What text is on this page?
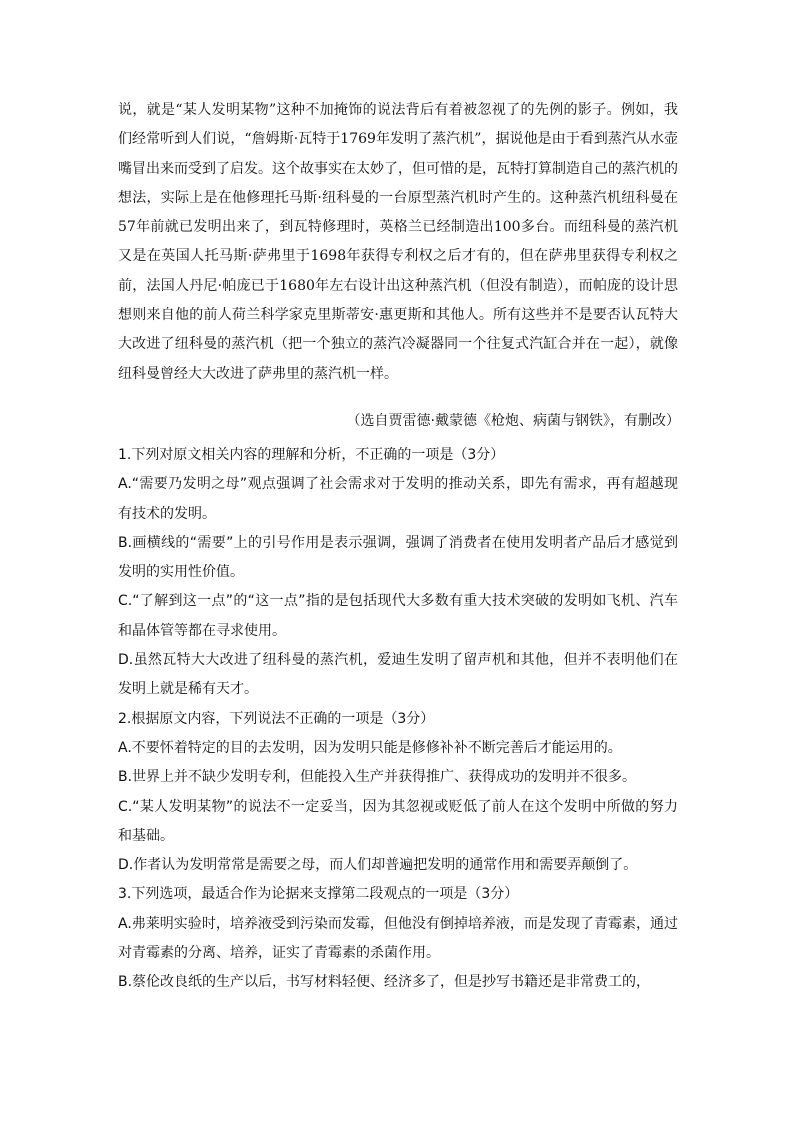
说，就是“某人发明某物”这种不加掩饰的说法背后有着被忽视了的先例的影子。例如，我们经常听到人们说，“詹姆斯·瓦特于1769年发明了蒸汽机”，据说他是由于看到蒸汽从水壶嘴冒出来而受到了启发。这个故事实在太妙了，但可惜的是，瓦特打算制造自己的蒸汽机的想法，实际上是在他修理托马斯·纽科曼的一台原型蒸汽机时产生的。这种蒸汽机纽科曼在57年前就已发明出来了，到瓦特修理时，英格兰已经制造出100多台。而纽科曼的蒸汽机又是在英国人托马斯·萨弗里于1698年获得专利权之后才有的，但在萨弗里获得专利权之前，法国人丹尼·帕庞已于1680年左右设计出这种蒸汽机（但没有制造），而帕庞的设计思想则来自他的前人荷兰科学家克里斯蒂安·惠更斯和其他人。所有这些并不是要否认瓦特大大改进了纽科曼的蒸汽机（把一个独立的蒸汽冷凝器同一个往复式汽缸合并在一起），就像纽科曼曾经大大改进了萨弗里的蒸汽机一样。

（选自贾雷德·戴蒙德《枪炮、病菌与钢铁》，有删改）

1.下列对原文相关内容的理解和分析，不正确的一项是（3分）

A.“需要乃发明之母”观点强调了社会需求对于发明的推动关系，即先有需求，再有超越现有技术的发明。

B.画横线的“需要”上的引号作用是表示强调，强调了消费者在使用发明者产品后才感觉到发明的实用性价值。

C.“了解到这一点”的“这一点”指的是包括现代大多数有重大技术突破的发明如飞机、汽车和晶体管等都在寻求使用。

D.虽然瓦特大大改进了纽科曼的蒸汽机，爱迪生发明了留声机和其他，但并不表明他们在发明上就是稀有天才。

2.根据原文内容，下列说法不正确的一项是（3分）

A.不要怀着特定的目的去发明，因为发明只能是修修补补不断完善后才能运用的。

B.世界上并不缺少发明专利，但能投入生产并获得推广、获得成功的发明并不很多。

C.“某人发明某物”的说法不一定妥当，因为其忽视或贬低了前人在这个发明中所做的努力和基础。

D.作者认为发明常常是需要之母，而人们却普遍把发明的通常作用和需要弄颠倒了。

3.下列选项，最适合作为论据来支撑第二段观点的一项是（3分）

A.弗莱明实验时，培养液受到污染而发霉，但他没有倒掉培养液，而是发现了青霉素，通过对青霉素的分离、培养，证实了青霉素的杀菌作用。

B.蔡伦改良纸的生产以后，书写材料轻便、经济多了，但是抄写书籍还是非常费工的，
